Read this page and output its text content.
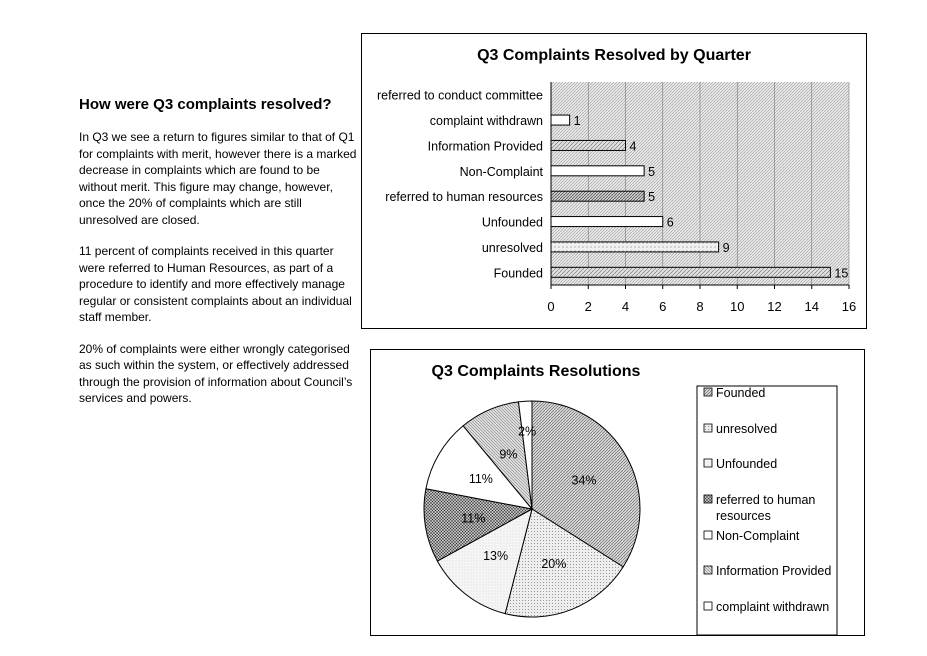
How were Q3 complaints resolved?

In Q3 we see a return to figures similar to that of Q1 for complaints with merit, however there is a marked decrease in complaints which are found to be without merit. This figure may change, however, once the 20% of complaints which are still unresolved are closed.

11 percent of complaints received in this quarter were referred to Human Resources, as part of a procedure to identify and more effectively manage regular or consistent complaints about an individual staff member.

20% of complaints were either wrongly categorised as such within the system, or effectively addressed through the provision of information about Council’s services and powers.

Q3 Complaints Resolved by Quarter
0 2 4 6 8 10 12 14 16
referred to conduct committee
complaint withdrawn 1
Information Provided	4
Non-Complaint	5
referred to human resources	5
Unfounded	6
unresolved	9
Founded	15
Q3 Complaints Resolutions
34%
20%
13%
11%
11%
9%
2%
Founded
unresolved
Unfounded
referred to human resources
Non-Complaint
Information Provided
complaint withdrawn
